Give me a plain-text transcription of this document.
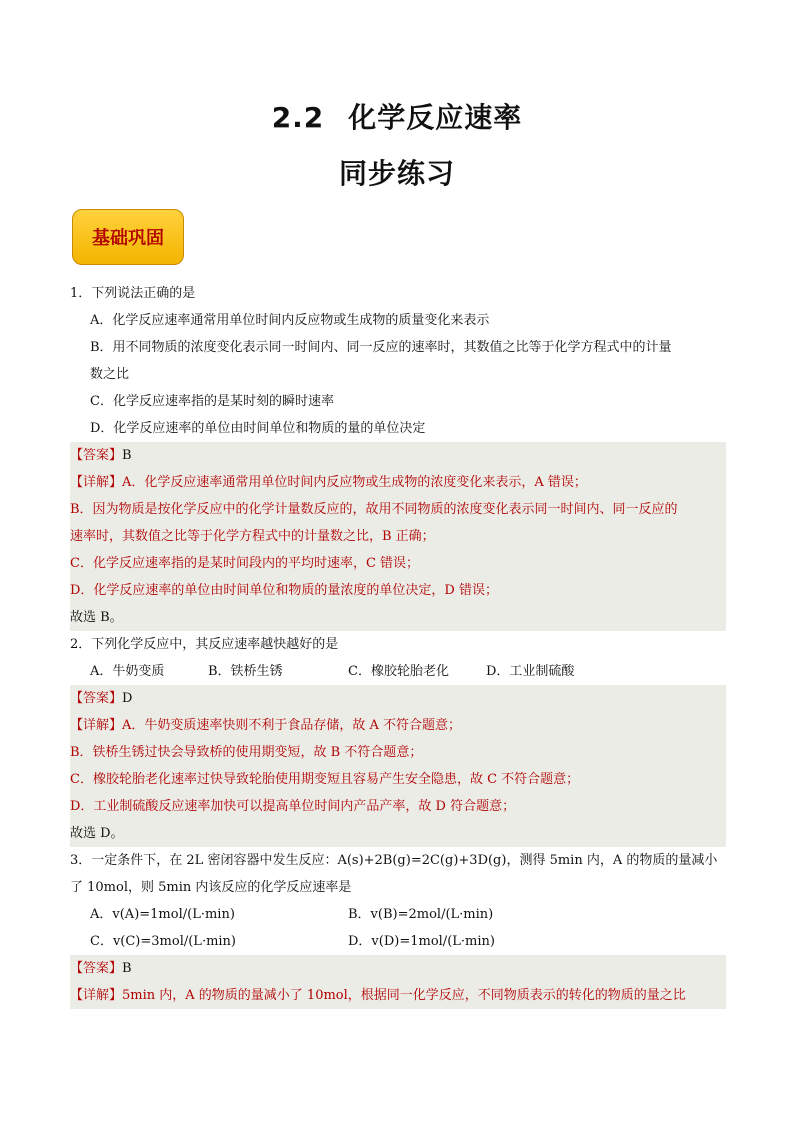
2.2 化学反应速率
同步练习
基础巩固
1．下列说法正确的是
A．化学反应速率通常用单位时间内反应物或生成物的质量变化来表示
B．用不同物质的浓度变化表示同一时间内、同一反应的速率时，其数值之比等于化学方程式中的计量
数之比
C．化学反应速率指的是某时刻的瞬时速率
D．化学反应速率的单位由时间单位和物质的量的单位决定
【答案】B
【详解】A．化学反应速率通常用单位时间内反应物或生成物的浓度变化来表示，A 错误；
B．因为物质是按化学反应中的化学计量数反应的，故用不同物质的浓度变化表示同一时间内、同一反应的
速率时，其数值之比等于化学方程式中的计量数之比，B 正确；
C．化学反应速率指的是某时间段内的平均时速率，C 错误；
D．化学反应速率的单位由时间单位和物质的量浓度的单位决定，D 错误；
故选 B。
2．下列化学反应中，其反应速率越快越好的是
A．牛奶变质	B．铁桥生锈	C．橡胶轮胎老化	D．工业制硫酸
【答案】D
【详解】A．牛奶变质速率快则不利于食品存储，故 A 不符合题意；
B．铁桥生锈过快会导致桥的使用期变短，故 B 不符合题意；
C．橡胶轮胎老化速率过快导致轮胎使用期变短且容易产生安全隐患，故 C 不符合题意；
D．工业制硫酸反应速率加快可以提高单位时间内产品产率，故 D 符合题意；
故选 D。
3．一定条件下，在 2L 密闭容器中发生反应：A(s)+2B(g)=2C(g)+3D(g)，测得 5min 内，A 的物质的量减小
了 10mol，则 5min 内该反应的化学反应速率是
A．v(A)=1mol/(L·min)	B．v(B)=2mol/(L·min)
C．v(C)=3mol/(L·min)	D．v(D)=1mol/(L·min)
【答案】B
【详解】5min 内，A 的物质的量减小了 10mol，根据同一化学反应，不同物质表示的转化的物质的量之比
